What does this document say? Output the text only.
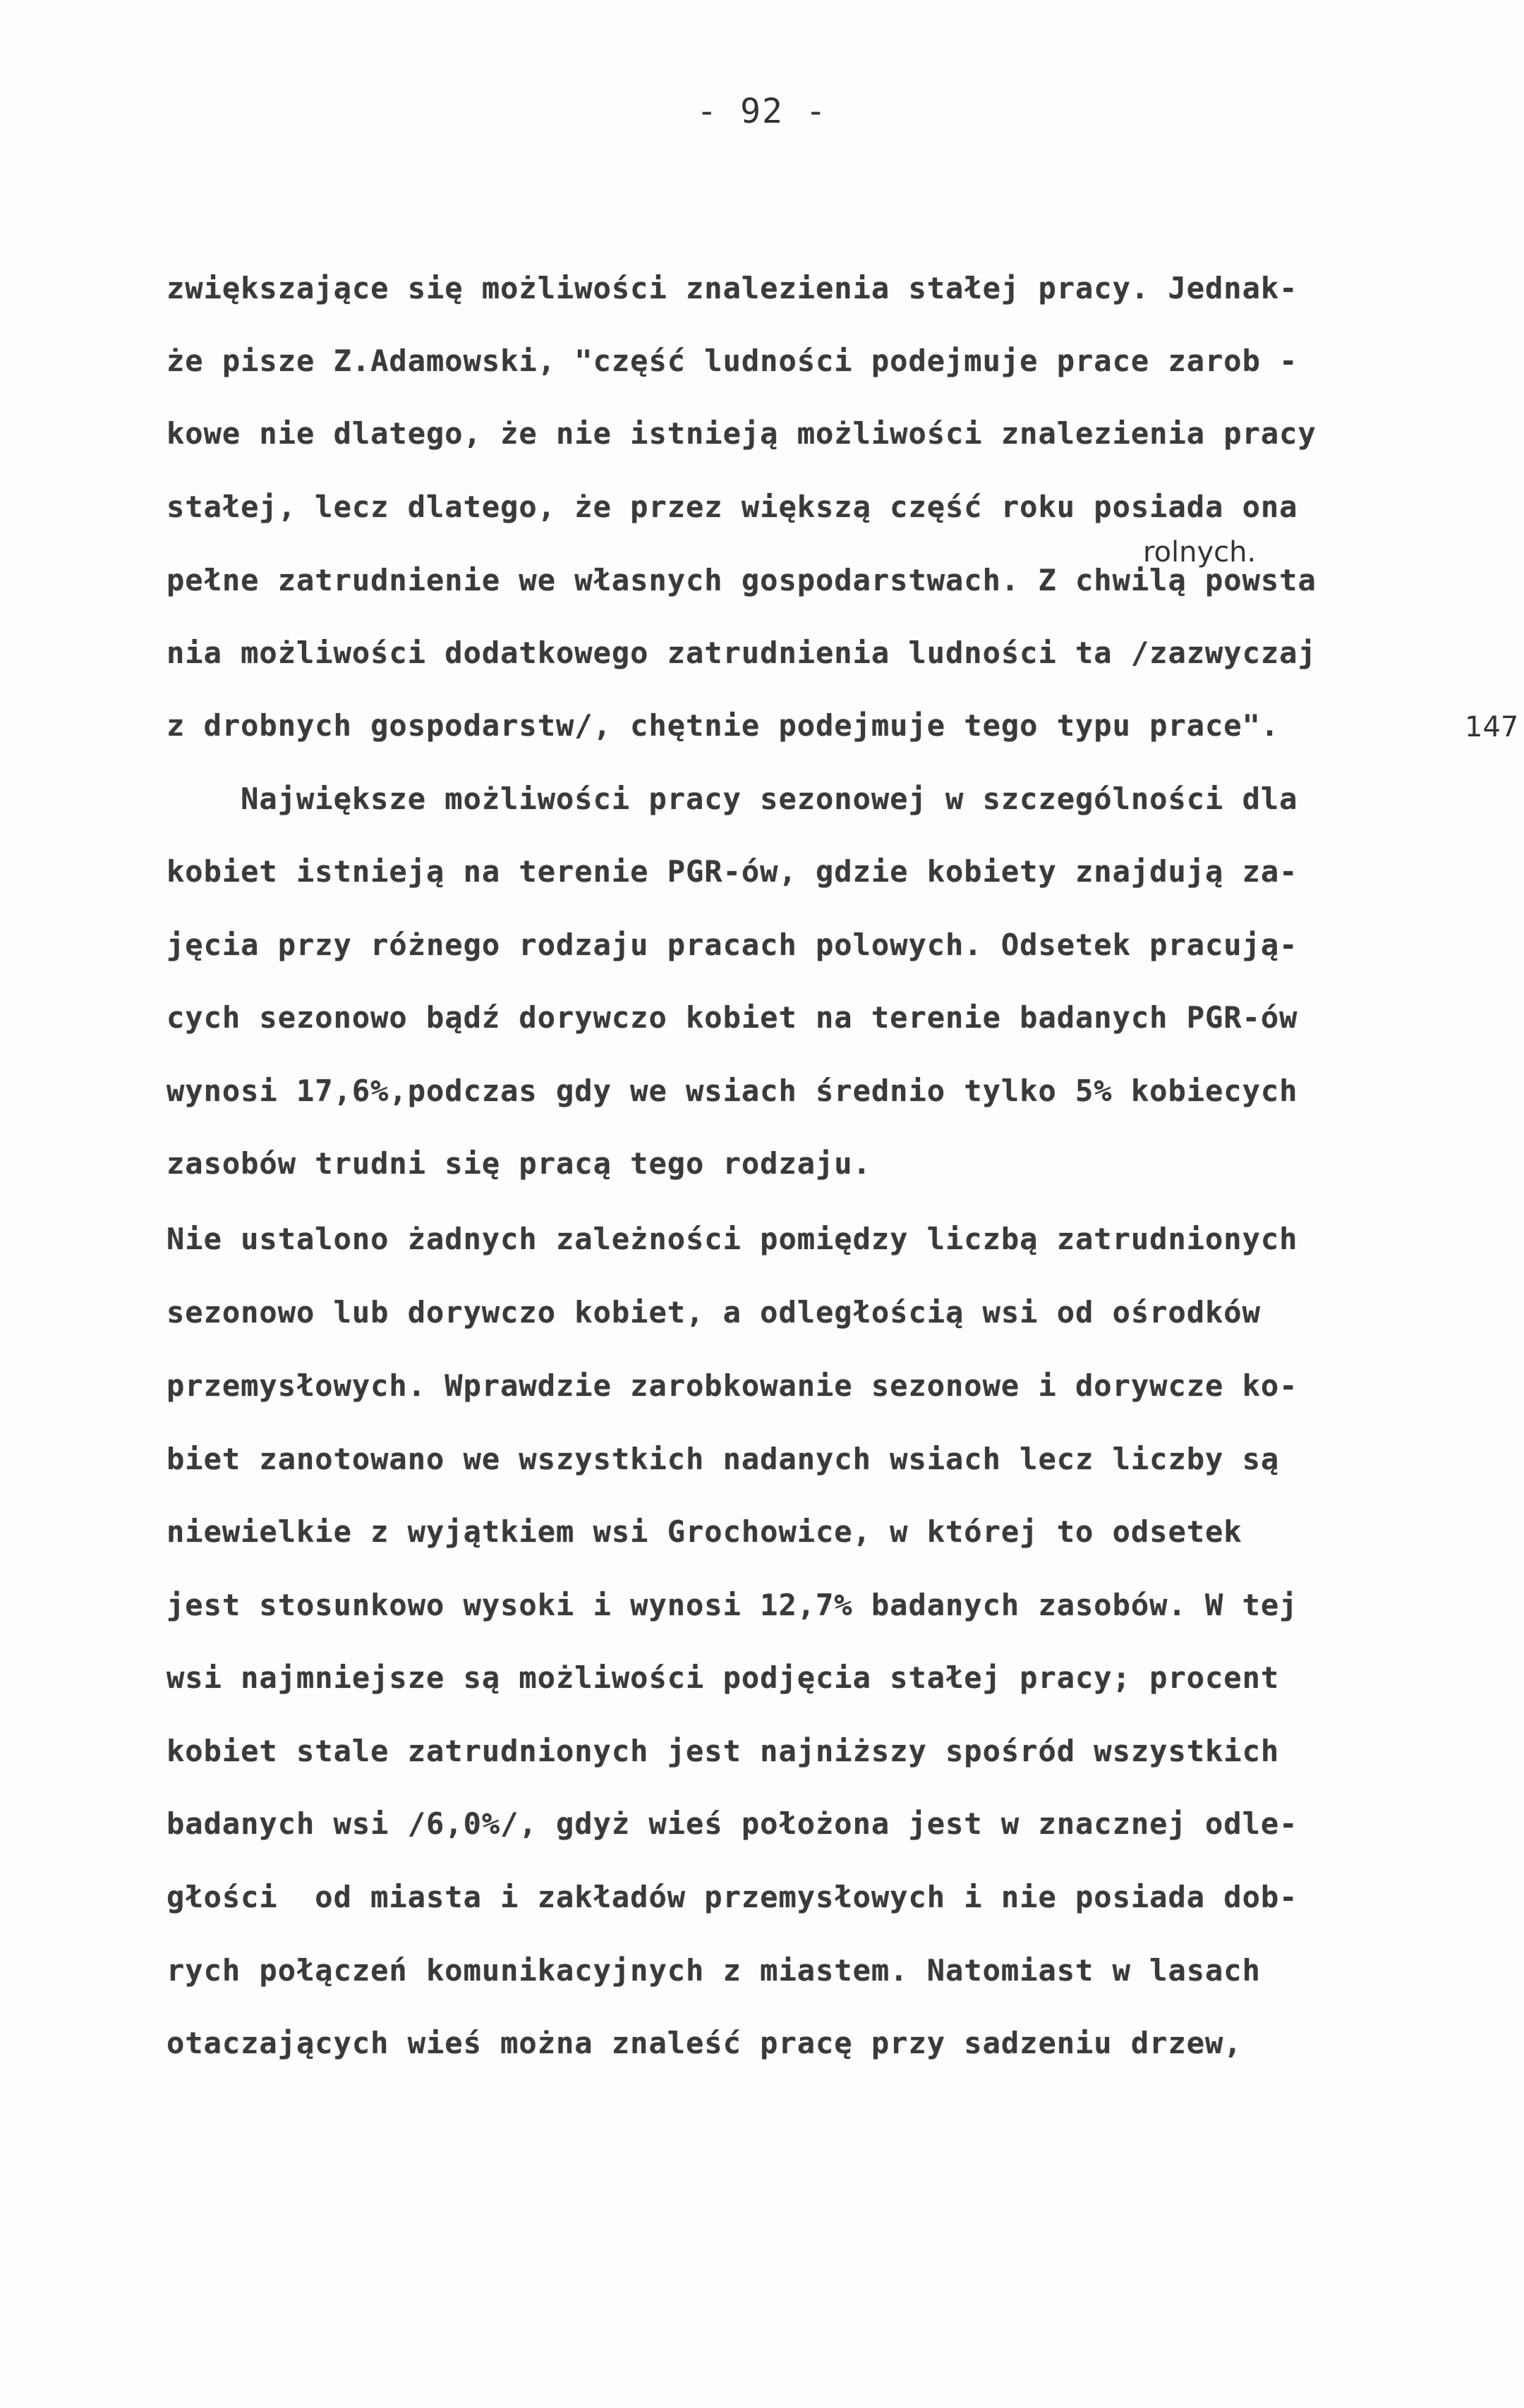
- 92 -

zwiększające się możliwości znalezienia stałej pracy. Jednak-

że pisze Z.Adamowski, "część ludności podejmuje prace zarob -

kowe nie dlatego, że nie istnieją możliwości znalezienia pracy

stałej, lecz dlatego, że przez większą część roku posiada ona

pełne zatrudnienie we własnych gospodarstwach. Z chwilą powsta

nia możliwości dodatkowego zatrudnienia ludności ta /zazwyczaj

z drobnych gospodarstw/, chętnie podejmuje tego typu prace".

Największe możliwości pracy sezonowej w szczególności dla

kobiet istnieją na terenie PGR-ów, gdzie kobiety znajdują za-

jęcia przy różnego rodzaju pracach polowych. Odsetek pracują-

cych sezonowo bądź dorywczo kobiet na terenie badanych PGR-ów

wynosi 17,6%,podczas gdy we wsiach średnio tylko 5% kobiecych

zasobów trudni się pracą tego rodzaju.

Nie ustalono żadnych zależności pomiędzy liczbą zatrudnionych

sezonowo lub dorywczo kobiet, a odległością wsi od ośrodków

przemysłowych. Wprawdzie zarobkowanie sezonowe i dorywcze ko-

biet zanotowano we wszystkich nadanych wsiach lecz liczby są

niewielkie z wyjątkiem wsi Grochowice, w której to odsetek

jest stosunkowo wysoki i wynosi 12,7% badanych zasobów. W tej

wsi najmniejsze są możliwości podjęcia stałej pracy; procent

kobiet stale zatrudnionych jest najniższy spośród wszystkich

badanych wsi /6,0%/, gdyż wieś położona jest w znacznej odle-

głości  od miasta i zakładów przemysłowych i nie posiada dob-

rych połączeń komunikacyjnych z miastem. Natomiast w lasach

otaczających wieś można znaleść pracę przy sadzeniu drzew,

rolnych.
147
